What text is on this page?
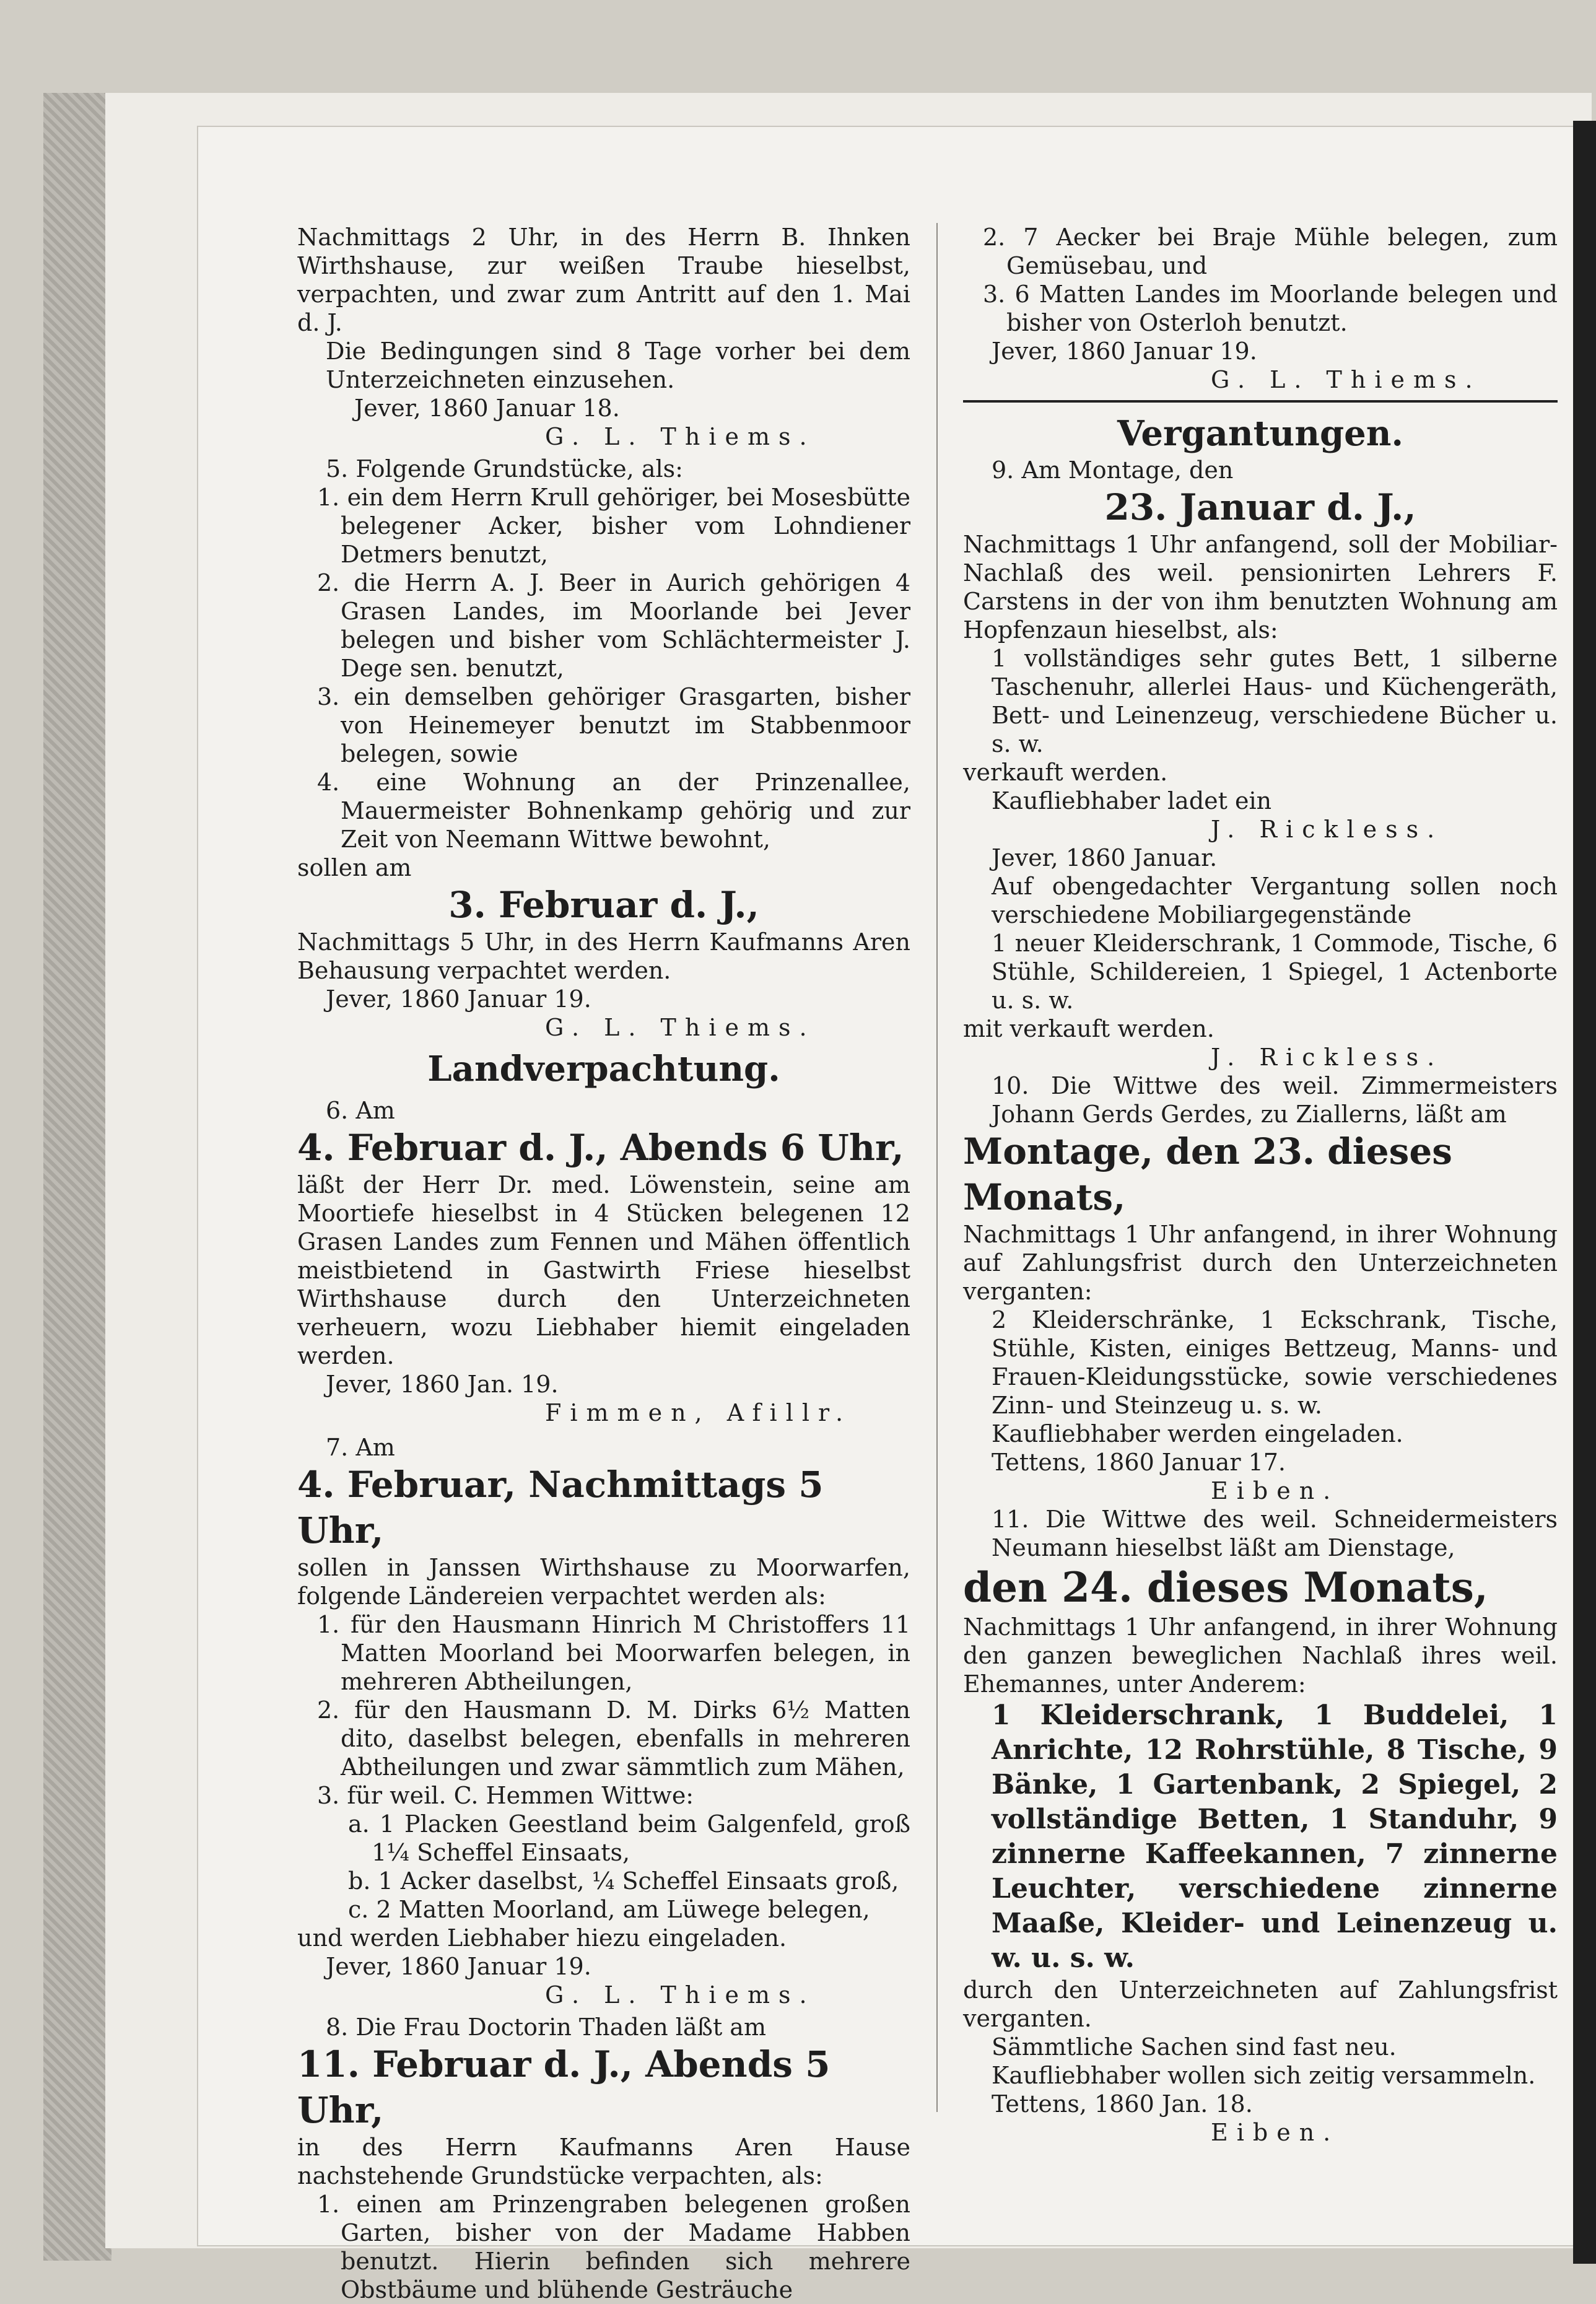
Nachmittags 2 Uhr, in des Herrn B. Ihnken Wirthshause, zur weißen Traube hieselbst, verpachten, und zwar zum Antritt auf den 1. Mai d. J.

Die Bedingungen sind 8 Tage vorher bei dem Unterzeichneten einzusehen.

Jever, 1860 Januar 18.

G. L. Thiems.

5. Folgende Grundstücke, als:

1. ein dem Herrn Krull gehöriger, bei Mosesbütte belegener Acker, bisher vom Lohndiener Detmers benutzt,

2. die Herrn A. J. Beer in Aurich gehörigen 4 Grasen Landes, im Moorlande bei Jever belegen und bisher vom Schlächtermeister J. Dege sen. benutzt,

3. ein demselben gehöriger Grasgarten, bisher von Heinemeyer benutzt im Stabbenmoor belegen, sowie

4. eine Wohnung an der Prinzenallee, Mauermeister Bohnenkamp gehörig und zur Zeit von Neemann Wittwe bewohnt,

sollen am

3. Februar d. J.,

Nachmittags 5 Uhr, in des Herrn Kaufmanns Aren Behausung verpachtet werden.

Jever, 1860 Januar 19.

G. L. Thiems.

Landverpachtung.

6. Am

4. Februar d. J., Abends 6 Uhr,

läßt der Herr Dr. med. Löwenstein, seine am Moortiefe hieselbst in 4 Stücken belegenen 12 Grasen Landes zum Fennen und Mähen öffentlich meistbietend in Gastwirth Friese hieselbst Wirthshause durch den Unterzeichneten verheuern, wozu Liebhaber hiemit eingeladen werden.

Jever, 1860 Jan. 19.

Fimmen, Afillr.

7. Am

4. Februar, Nachmittags 5 Uhr,

sollen in Janssen Wirthshause zu Moorwarfen, folgende Ländereien verpachtet werden als:

1. für den Hausmann Hinrich M Christoffers 11 Matten Moorland bei Moorwarfen belegen, in mehreren Abtheilungen,

2. für den Hausmann D. M. Dirks 6½ Matten dito, daselbst belegen, ebenfalls in mehreren Abtheilungen und zwar sämmtlich zum Mähen,

3. für weil. C. Hemmen Wittwe:

a. 1 Placken Geestland beim Galgenfeld, groß 1¼ Scheffel Einsaats,

b. 1 Acker daselbst, ¼ Scheffel Einsaats groß,

c. 2 Matten Moorland, am Lüwege belegen,

und werden Liebhaber hiezu eingeladen.

Jever, 1860 Januar 19.

G. L. Thiems.

8. Die Frau Doctorin Thaden läßt am

11. Februar d. J., Abends 5 Uhr,

in des Herrn Kaufmanns Aren Hause nachstehende Grundstücke verpachten, als:

1. einen am Prinzengraben belegenen großen Garten, bisher von der Madame Habben benutzt. Hierin befinden sich mehrere Obstbäume und blühende Gesträuche

2. 7 Aecker bei Braje Mühle belegen, zum Gemüsebau, und

3. 6 Matten Landes im Moorlande belegen und bisher von Osterloh benutzt.

Jever, 1860 Januar 19.

G. L. Thiems.

Vergantungen.

9. Am Montage, den

23. Januar d. J.,

Nachmittags 1 Uhr anfangend, soll der Mobiliar-Nachlaß des weil. pensionirten Lehrers F. Carstens in der von ihm benutzten Wohnung am Hopfenzaun hieselbst, als:

1 vollständiges sehr gutes Bett, 1 silberne Taschenuhr, allerlei Haus- und Küchengeräth, Bett- und Leinenzeug, verschiedene Bücher u. s. w.

verkauft werden.

Kaufliebhaber ladet ein

J. Rickless.

Jever, 1860 Januar.

Auf obengedachter Vergantung sollen noch verschiedene Mobiliargegenstände

1 neuer Kleiderschrank, 1 Commode, Tische, 6 Stühle, Schildereien, 1 Spiegel, 1 Actenborte u. s. w.

mit verkauft werden.

J. Rickless.

10. Die Wittwe des weil. Zimmermeisters Johann Gerds Gerdes, zu Ziallerns, läßt am

Montage, den 23. dieses Monats,

Nachmittags 1 Uhr anfangend, in ihrer Wohnung auf Zahlungsfrist durch den Unterzeichneten verganten:

2 Kleiderschränke, 1 Eckschrank, Tische, Stühle, Kisten, einiges Bettzeug, Manns- und Frauen-Kleidungsstücke, sowie verschiedenes Zinn- und Steinzeug u. s. w.

Kaufliebhaber werden eingeladen.

Tettens, 1860 Januar 17.

Eiben.

11. Die Wittwe des weil. Schneidermeisters Neumann hieselbst läßt am Dienstage,

den 24. dieses Monats,

Nachmittags 1 Uhr anfangend, in ihrer Wohnung den ganzen beweglichen Nachlaß ihres weil. Ehemannes, unter Anderem:

1 Kleiderschrank, 1 Buddelei, 1 Anrichte, 12 Rohrstühle, 8 Tische, 9 Bänke, 1 Gartenbank, 2 Spiegel, 2 vollständige Betten, 1 Standuhr, 9 zinnerne Kaffeekannen, 7 zinnerne Leuchter, verschiedene zinnerne Maaße, Kleider- und Leinenzeug u. w. u. s. w.

durch den Unterzeichneten auf Zahlungsfrist verganten.

Sämmtliche Sachen sind fast neu.

Kaufliebhaber wollen sich zeitig versammeln.

Tettens, 1860 Jan. 18.

Eiben.
